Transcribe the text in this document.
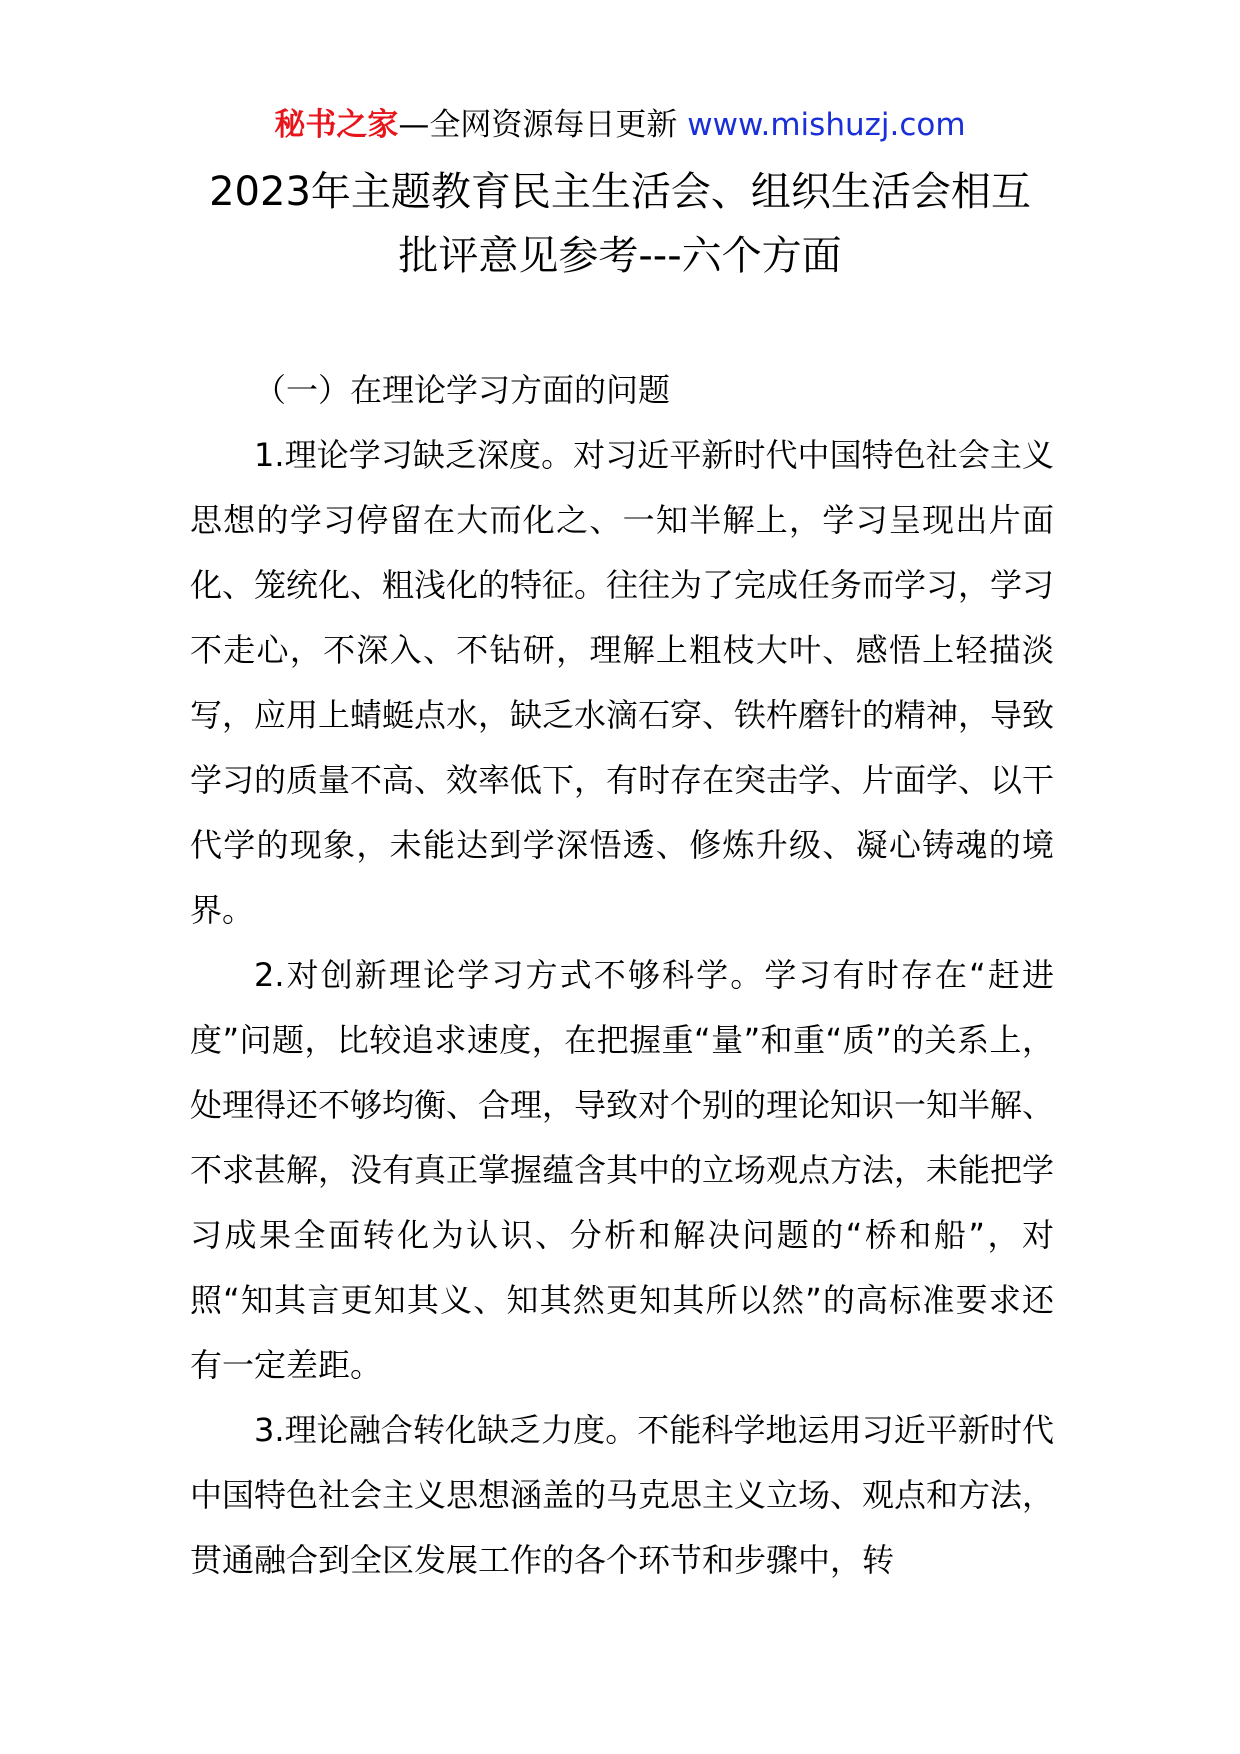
秘书之家—全网资源每日更新 www.mishuzj.com
2023年主题教育民主生活会、组织生活会相互
批评意见参考---六个方面

（一）在理论学习方面的问题

1.理论学习缺乏深度。对习近平新时代中国特色社会主义思想的学习停留在大而化之、一知半解上，学习呈现出片面化、笼统化、粗浅化的特征。往往为了完成任务而学习，学习不走心，不深入、不钻研，理解上粗枝大叶、感悟上轻描淡写，应用上蜻蜓点水，缺乏水滴石穿、铁杵磨针的精神，导致学习的质量不高、效率低下，有时存在突击学、片面学、以干代学的现象，未能达到学深悟透、修炼升级、凝心铸魂的境界。

2.对创新理论学习方式不够科学。学习有时存在“赶进度”问题，比较追求速度，在把握重“量”和重“质”的关系上，处理得还不够均衡、合理，导致对个别的理论知识一知半解、不求甚解，没有真正掌握蕴含其中的立场观点方法，未能把学习成果全面转化为认识、分析和解决问题的“桥和船”，对照“知其言更知其义、知其然更知其所以然”的高标准要求还有一定差距。

3.理论融合转化缺乏力度。不能科学地运用习近平新时代中国特色社会主义思想涵盖的马克思主义立场、观点和方法，贯通融合到全区发展工作的各个环节和步骤中，转
